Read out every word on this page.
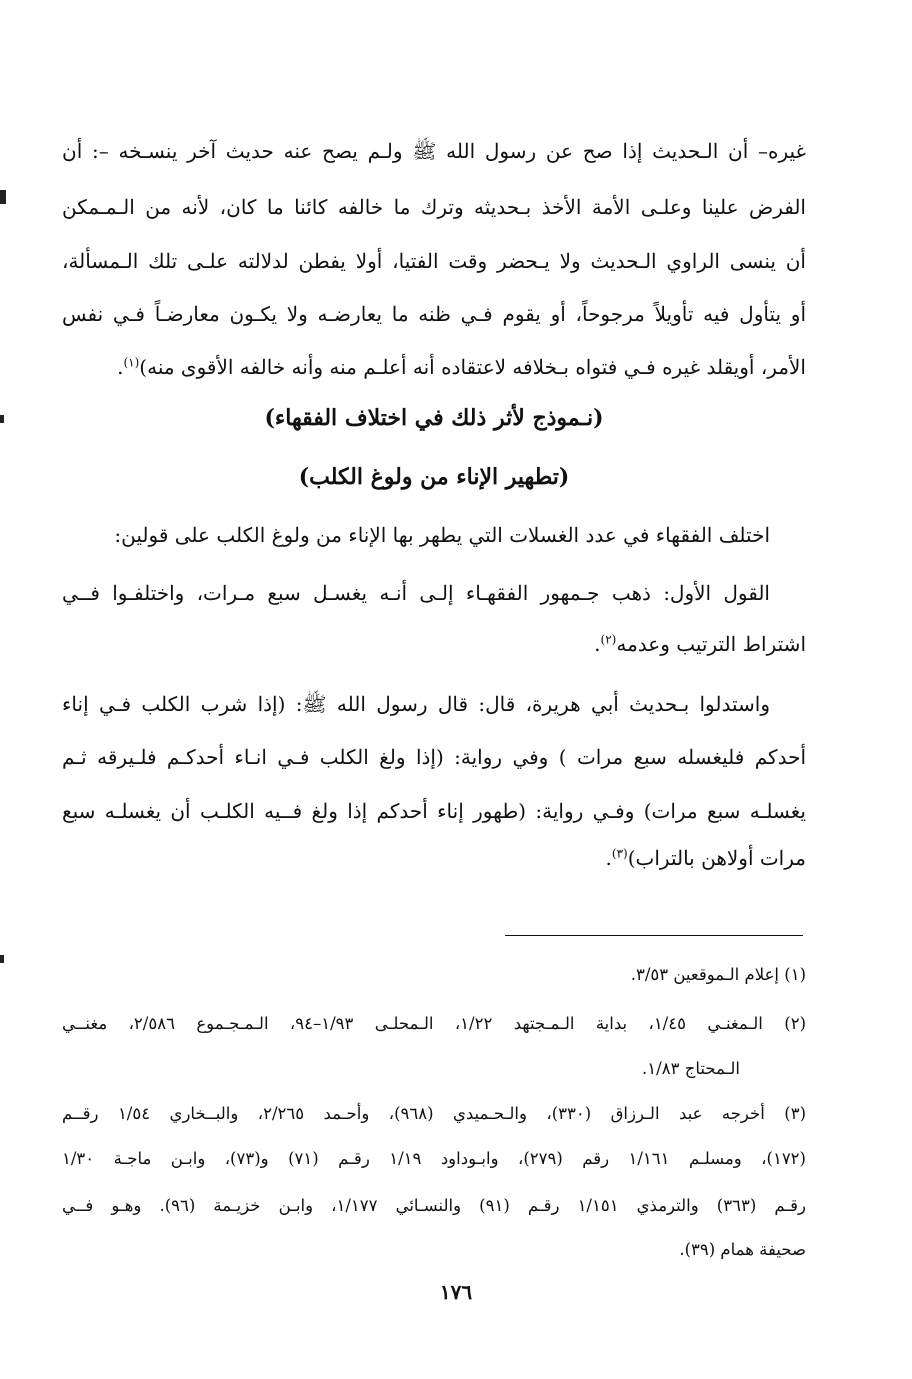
غيره– أن الـحديث إذا صح عن رسول الله ﷺ ولـم يصح عنه حديث آخر ينسـخه –: أن
الفرض علينا وعلـى الأمة الأخذ بـحديثه وترك ما خالفه كائنا ما كان، لأنه من الـمـمكن
أن ينسى الراوي الـحديث ولا يـحضر وقت الفتيا، أولا يفطن لدلالته علـى تلك الـمسألة،
أو يتأول فيه تأويلاً مرجوحاً، أو يقوم فـي ظنه ما يعارضـه ولا يكـون معارضـاً فـي نفس
الأمر، أويقلد غيره فـي فتواه بـخلافه لاعتقاده أنه أعلـم منه وأنه خالفه الأقوى منه)$^{(١)}$.
(نـموذج لأثر ذلك في اختلاف الفقهاء)
(تطهير الإناء من ولوغ الكلب)
اختلف الفقهاء في عدد الغسلات التي يطهر بها الإناء من ولوغ الكلب على قولين:
القول الأول: ذهب جـمهور الفقهـاء إلـى أنـه يغسـل سبع مـرات، واختلفـوا فــي
اشتراط الترتيب وعدمه$^{(٢)}$.
واستدلوا بـحديث أبي هريرة، قال: قال رسول الله ﷺ: (إذا شرب الكلب فـي إناء
أحدكم فليغسله سبع مرات ) وفي رواية: (إذا ولغ الكلب فـي انـاء أحدكـم فلـيرقه ثـم
يغسلـه سبع مرات) وفـي رواية: (طهور إناء أحدكم إذا ولغ فــيه الكلـب أن يغسلـه سبع
مرات أولاهن بالتراب)$^{(٣)}$.
(١) إعلام الـموقعين ٣/٥٣.
(٢) الـمغنـي ١/٤٥، بداية الـمـجتهد ١/٢٢، الـمحلـى ١/٩٣–٩٤، الـمـجـموع ٢/٥٨٦، مغنــي
الـمحتاج ١/٨٣.
(٣) أخرجه عبد الـرزاق (٣٣٠)، والـحـميدي (٩٦٨)، وأحـمد ٢/٢٦٥، والبــخاري ١/٥٤ رقــم
(١٧٢)، ومسلـم ١/١٦١ رقم (٢٧٩)، وابـوداود ١/١٩ رقـم (٧١) و(٧٣)، وابـن ماجـة ١/٣٠
رقـم (٣٦٣) والترمذي ١/١٥١ رقـم (٩١) والنسـائي ١/١٧٧، وابـن خزيـمة (٩٦). وهـو فــي
صحيفة همام (٣٩).
١٧٦
